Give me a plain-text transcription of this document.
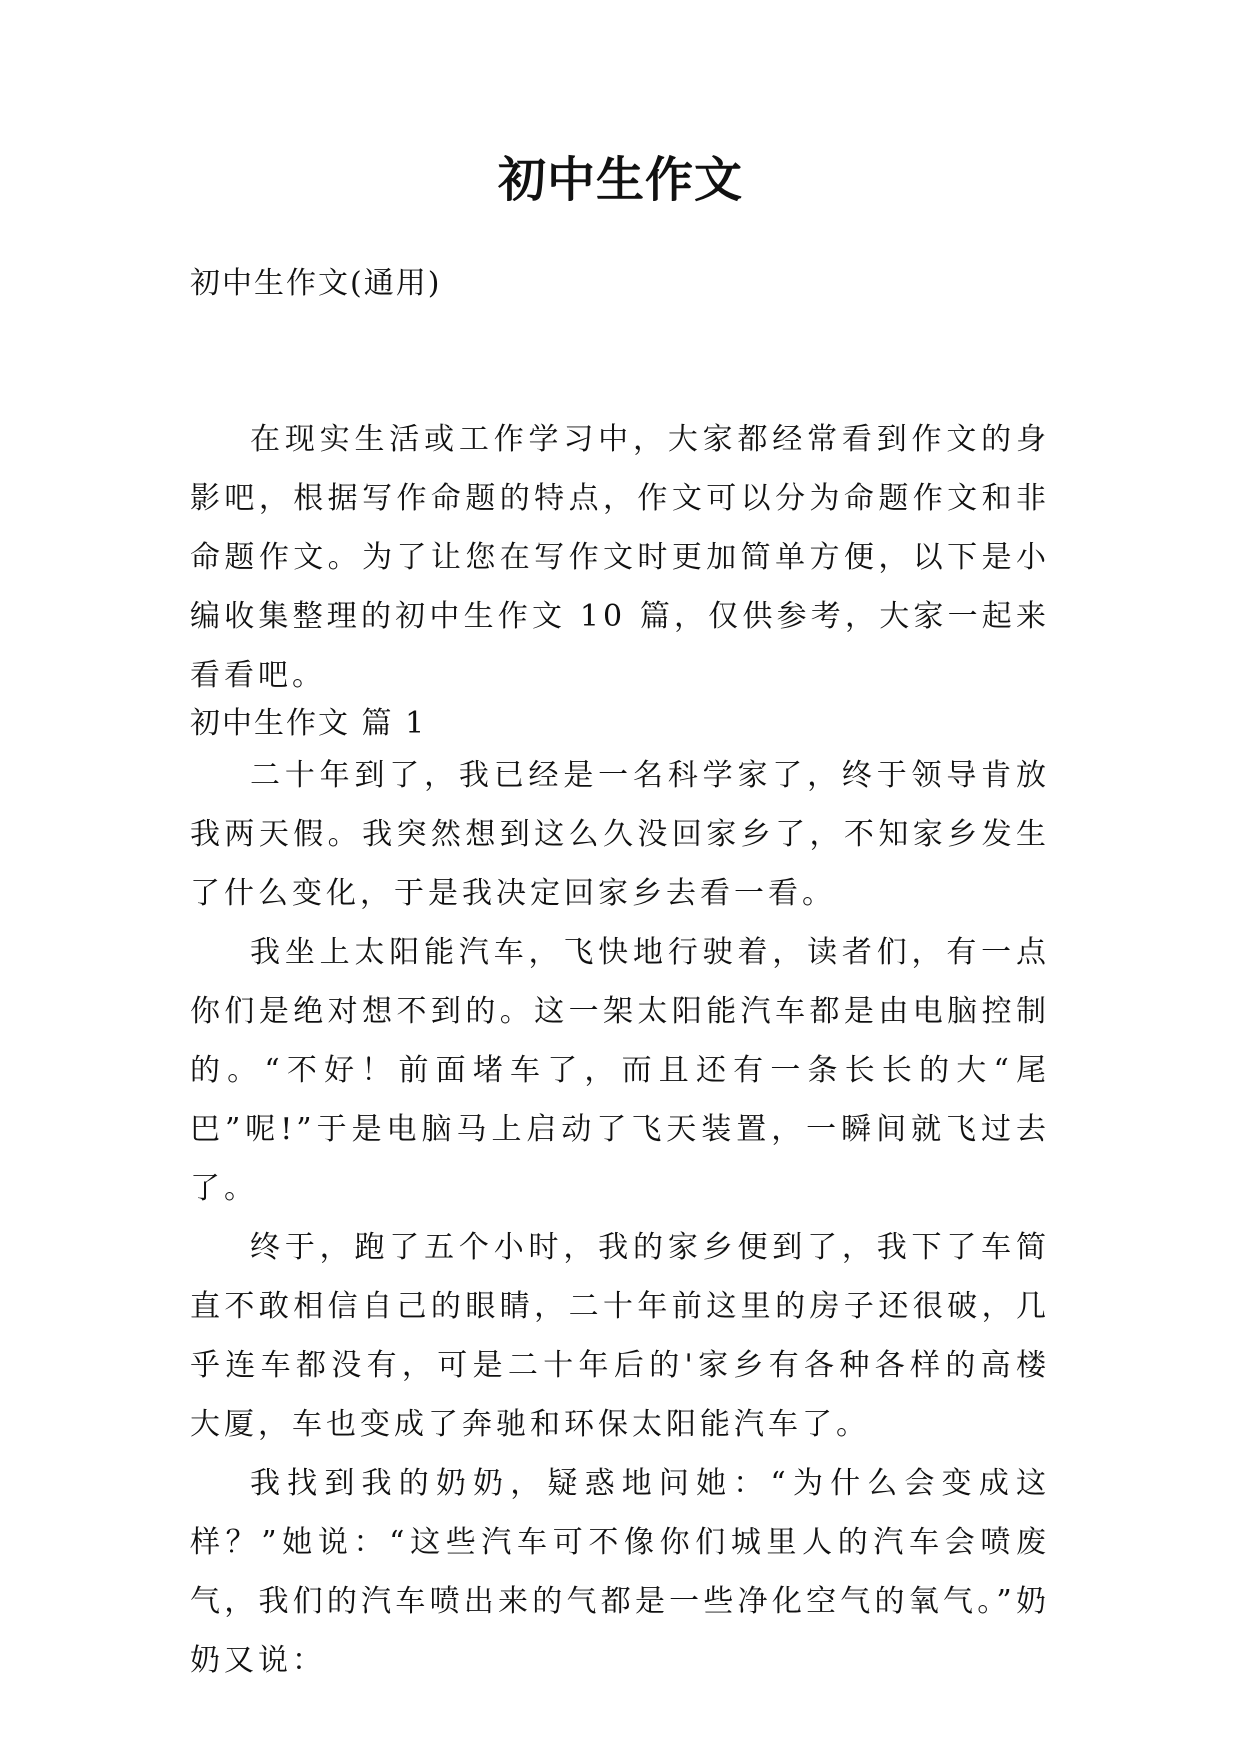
初中生作文
初中生作文(通用)

在现实生活或工作学习中，大家都经常看到作文的身影吧，根据写作命题的特点，作文可以分为命题作文和非命题作文。为了让您在写作文时更加简单方便，以下是小编收集整理的初中生作文 10 篇，仅供参考，大家一起来看看吧。

初中生作文 篇 1

二十年到了，我已经是一名科学家了，终于领导肯放我两天假。我突然想到这么久没回家乡了，不知家乡发生了什么变化，于是我决定回家乡去看一看。

我坐上太阳能汽车，飞快地行驶着，读者们，有一点你们是绝对想不到的。这一架太阳能汽车都是由电脑控制的。“不好！前面堵车了，而且还有一条长长的大“尾巴”呢!”于是电脑马上启动了飞天装置，一瞬间就飞过去了。

终于，跑了五个小时，我的家乡便到了，我下了车简直不敢相信自己的眼睛，二十年前这里的房子还很破，几乎连车都没有，可是二十年后的'家乡有各种各样的高楼大厦，车也变成了奔驰和环保太阳能汽车了。

我找到我的奶奶，疑惑地问她：“为什么会变成这样？”她说：“这些汽车可不像你们城里人的汽车会喷废气，我们的汽车喷出来的气都是一些净化空气的氧气。”奶奶又说：
